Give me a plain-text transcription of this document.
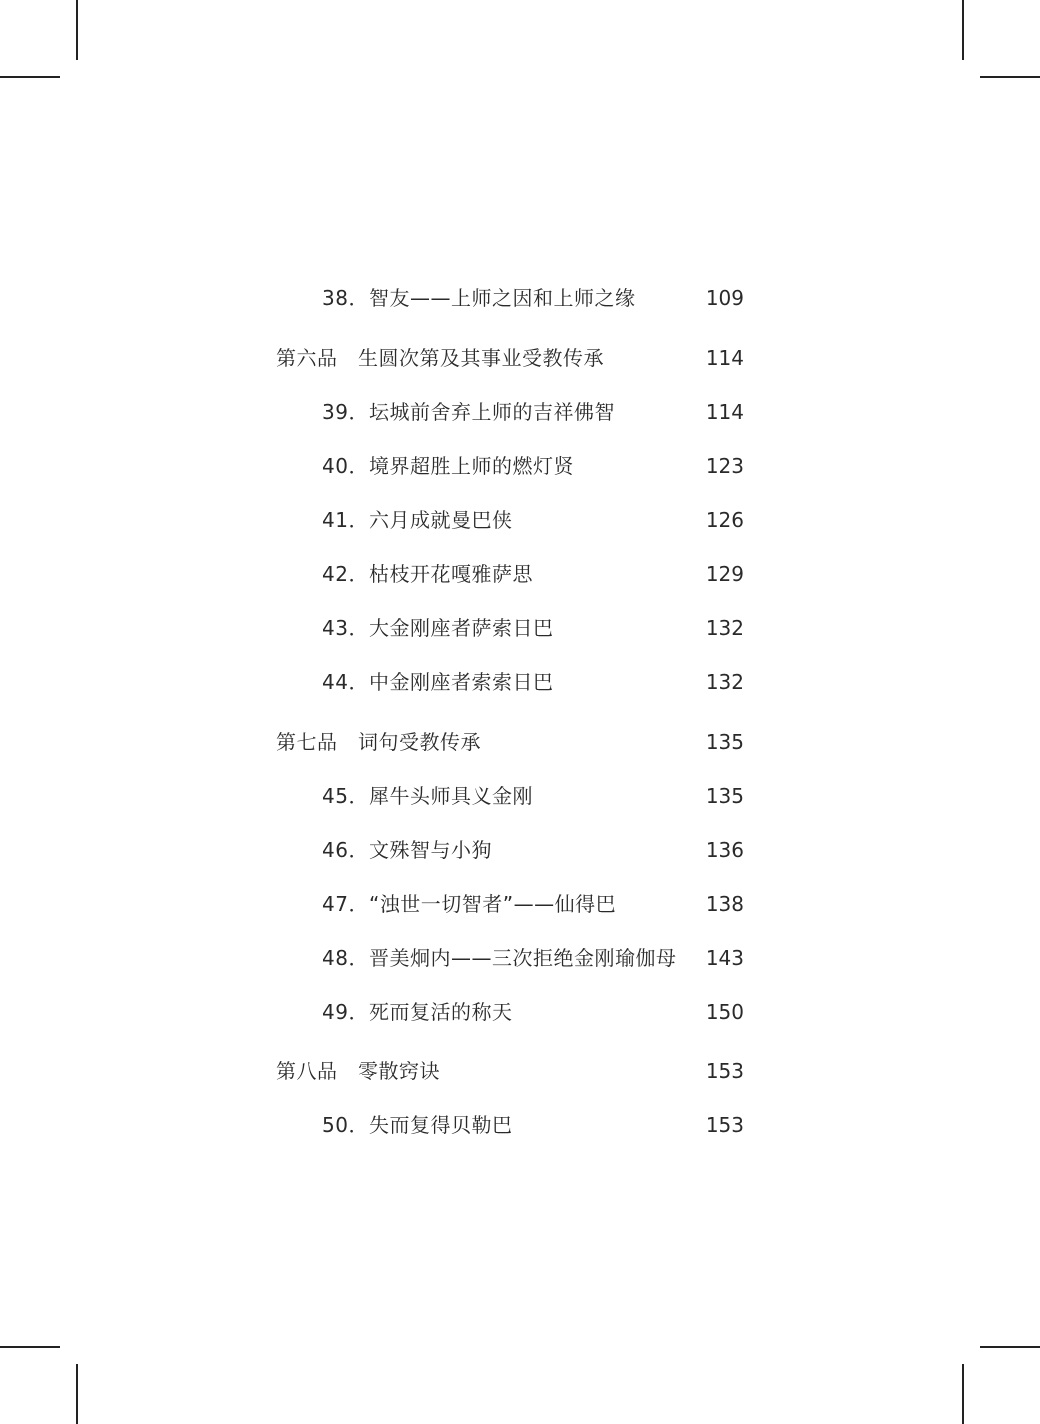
38．智友——上师之因和上师之缘	109
第六品　生圆次第及其事业受教传承	114
39．坛城前舍弃上师的吉祥佛智	114
40．境界超胜上师的燃灯贤	123
41．六月成就曼巴侠	126
42．枯枝开花嘎雅萨思	129
43．大金刚座者萨索日巴	132
44．中金刚座者索索日巴	132
第七品　词句受教传承	135
45．犀牛头师具义金刚	135
46．文殊智与小狗	136
47．“浊世一切智者”——仙得巴	138
48．晋美炯内——三次拒绝金刚瑜伽母 143
49．死而复活的称天	150
第八品　零散窍诀	153
50．失而复得贝勒巴	153
